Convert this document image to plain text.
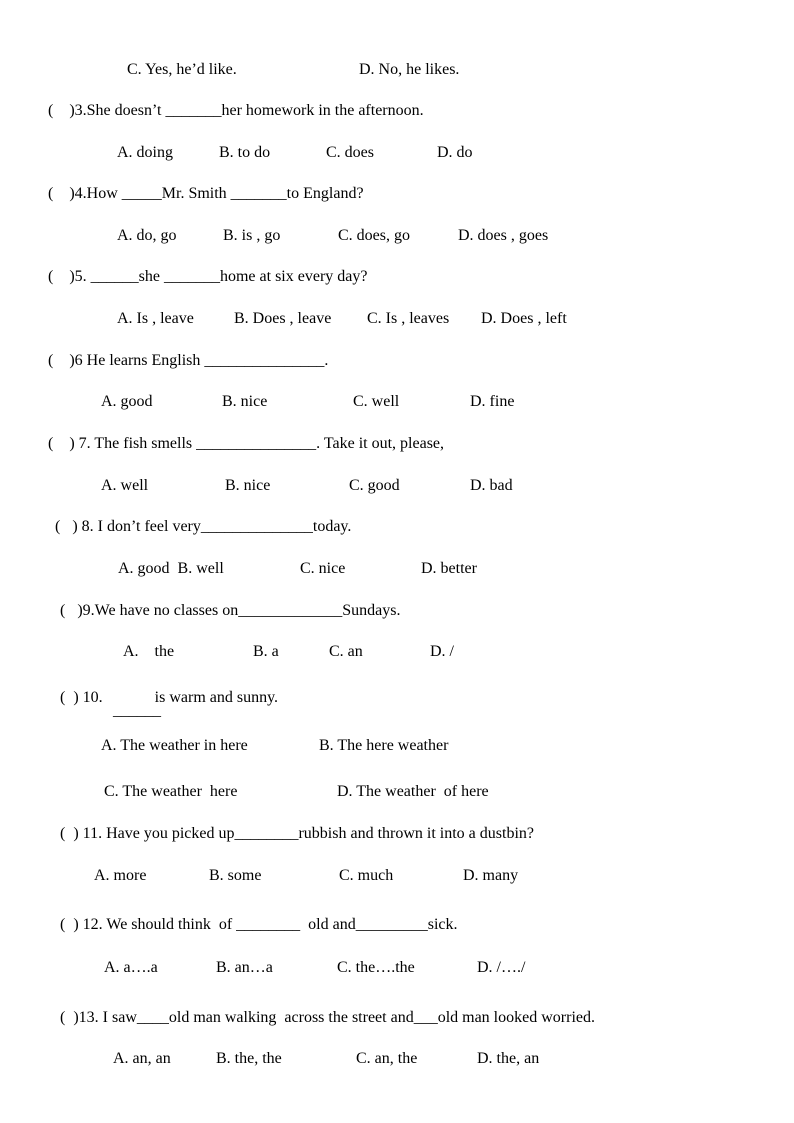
C. Yes, he’d like.	D. No, he likes.
(    )3.She doesn’t _______her homework in the afternoon.
A. doing	B. to do	C. does	D. do
(    )4.How _____Mr. Smith _______to England?
A. do, go	B. is , go	C. does, go	D. does , goes
(    )5. ______she _______home at six every day?
A. Is , leave	B. Does , leave C. Is , leaves D. Does , left
(    )6 He learns English _______________.
A. good	B. nice	C. well	D. fine
(    ) 7. The fish smells _______________. Take it out, please,
A. well	B. nice	C. good	D. bad
(   ) 8. I don’t feel very______________today.
A. good  B. well	C. nice	D. better
(   )9.We have no classes on_____________Sundays.
A.    the	B. a	C. an	D. /
(  ) 10.             is warm and sunny.
______
A. The weather in here	B. The here weather
C. The weather  here	D. The weather  of here
(  ) 11. Have you picked up________rubbish and thrown it into a dustbin?
A. more	B. some	C. much	D. many
(  ) 12. We should think  of ________  old and_________sick.
A. a….a	B. an…a	C. the….the	D. /…./
(  )13. I saw____old man walking  across the street and___old man looked worried.
A. an, an	B. the, the	C. an, the	D. the, an
